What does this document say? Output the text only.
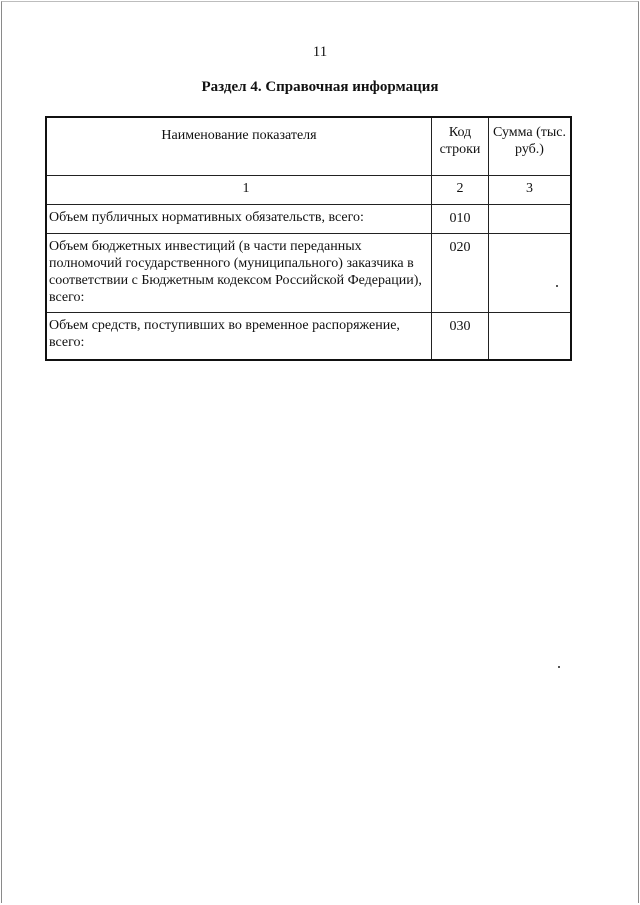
11
Раздел 4. Справочная информация
Наименование показателя	Код строки	Сумма (тыс. руб.)
1	2	3
Объем публичных нормативных обязательств, всего:	010	
Объем бюджетных инвестиций (в части переданных полномочий государственного (муниципального) заказчика в соответствии с Бюджетным кодексом Российской Федерации), всего:	020	
Объем средств, поступивших во временное распоряжение, всего:	030	
